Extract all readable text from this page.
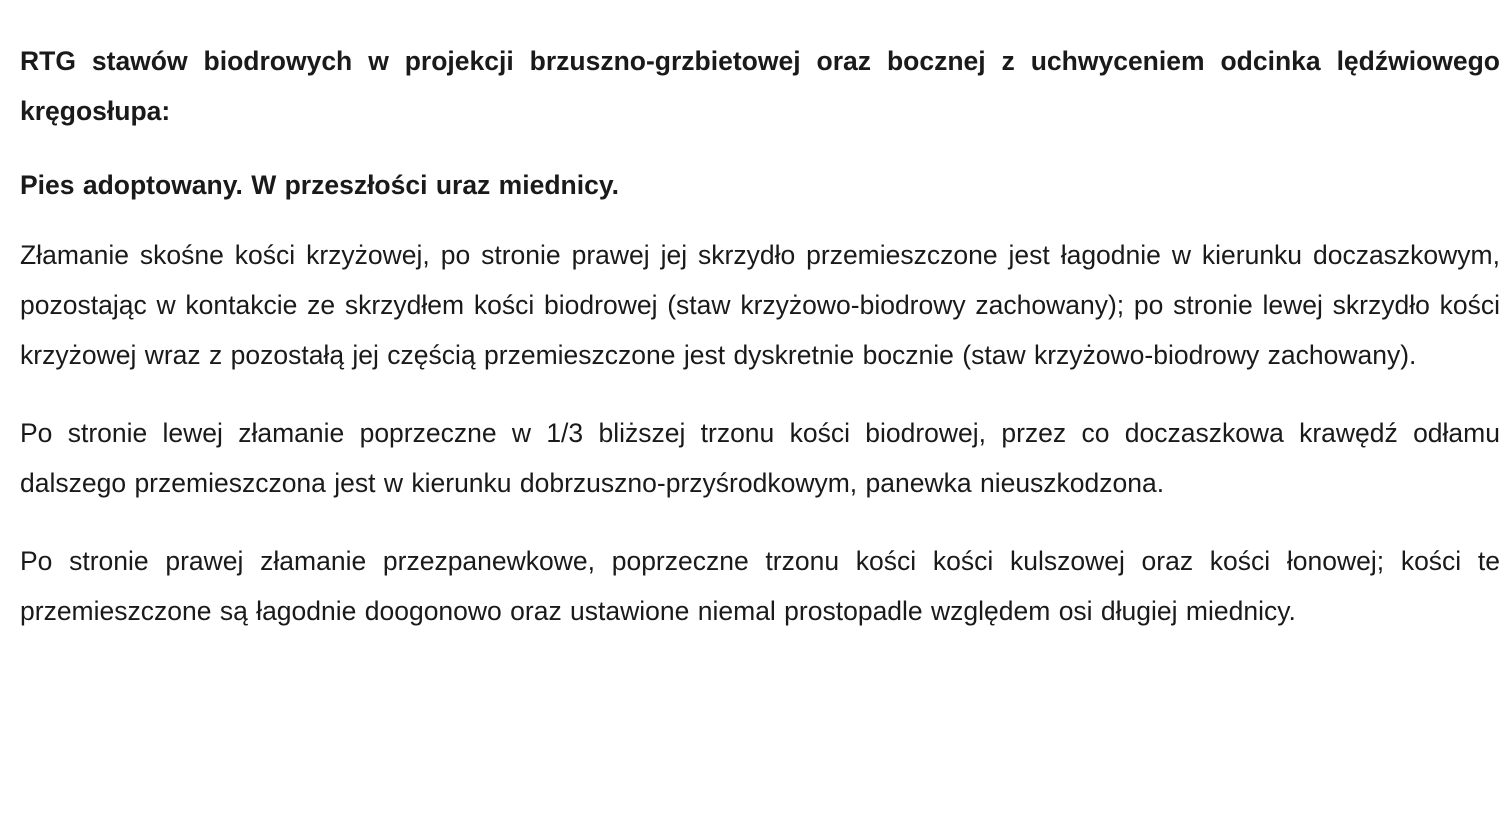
RTG stawów biodrowych w projekcji brzuszno-grzbietowej oraz bocznej z uchwyceniem odcinka lędźwiowego kręgosłupa:

Pies adoptowany. W przeszłości uraz miednicy.

Złamanie skośne kości krzyżowej, po stronie prawej jej skrzydło przemieszczone jest łagodnie w kierunku doczaszkowym, pozostając w kontakcie ze skrzydłem kości biodrowej (staw krzyżowo-biodrowy zachowany); po stronie lewej skrzydło kości krzyżowej wraz z pozostałą jej częścią przemieszczone jest dyskretnie bocznie (staw krzyżowo-biodrowy zachowany).

Po stronie lewej złamanie poprzeczne w 1/3 bliższej trzonu kości biodrowej, przez co doczaszkowa krawędź odłamu dalszego przemieszczona jest w kierunku dobrzuszno-przyśrodkowym, panewka nieuszkodzona.

Po stronie prawej złamanie przezpanewkowe, poprzeczne trzonu kości kości kulszowej oraz kości łonowej; kości te przemieszczone są łagodnie doogonowo oraz ustawione niemal prostopadle względem osi długiej miednicy.
